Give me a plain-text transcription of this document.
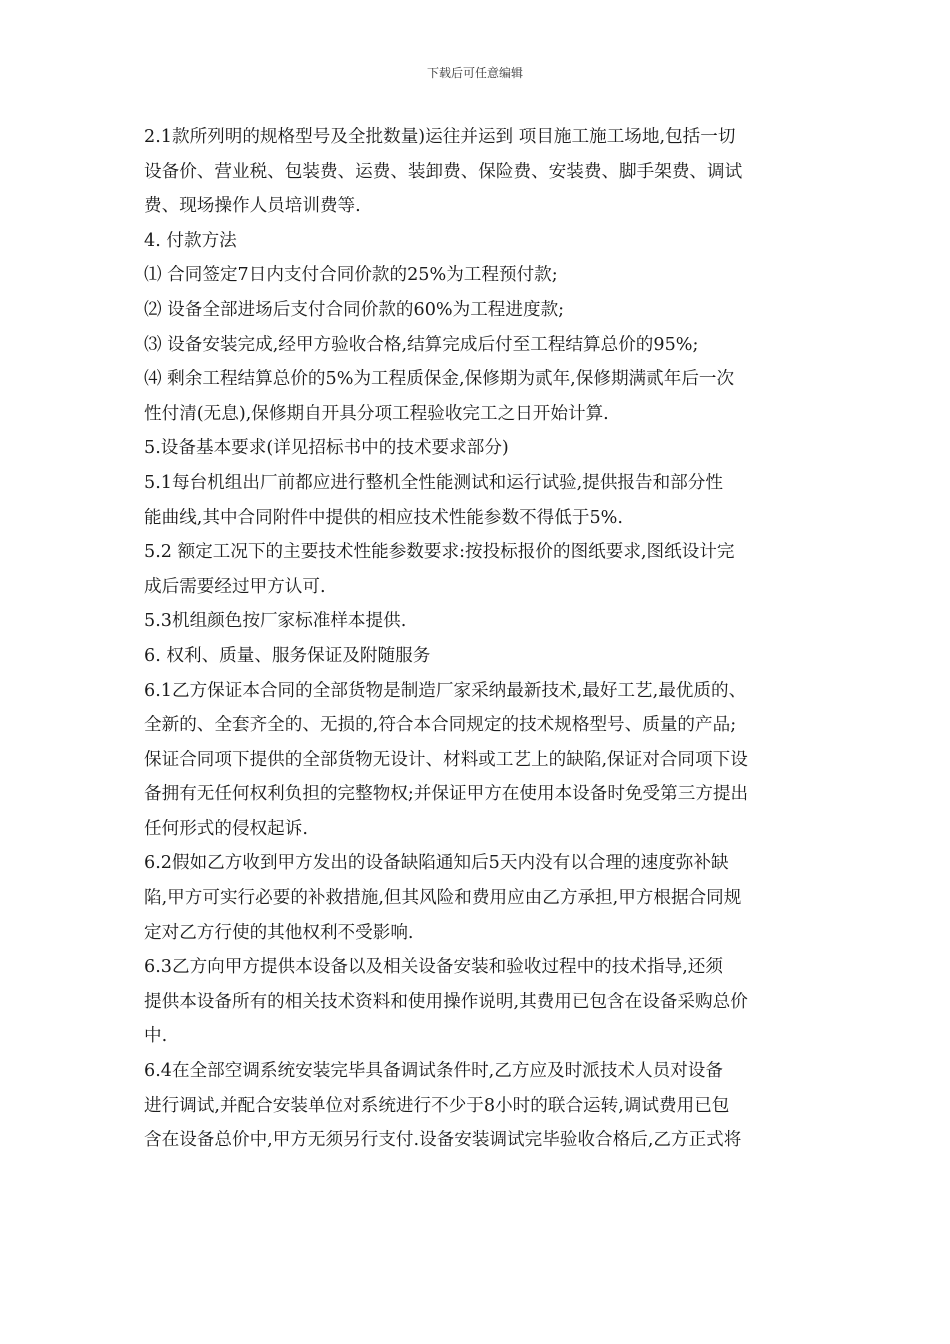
下载后可任意编辑
2.1款所列明的规格型号及全批数量)运往并运到 项目施工施工场地,包括一切
设备价、营业税、包装费、运费、装卸费、保险费、安装费、脚手架费、调试
费、现场操作人员培训费等.
4. 付款方法
⑴ 合同签定7日内支付合同价款的25%为工程预付款;
⑵ 设备全部进场后支付合同价款的60%为工程进度款;
⑶ 设备安装完成,经甲方验收合格,结算完成后付至工程结算总价的95%;
⑷ 剩余工程结算总价的5%为工程质保金,保修期为贰年,保修期满贰年后一次
性付清(无息),保修期自开具分项工程验收完工之日开始计算.
5.设备基本要求(详见招标书中的技术要求部分)
5.1每台机组出厂前都应进行整机全性能测试和运行试验,提供报告和部分性
能曲线,其中合同附件中提供的相应技术性能参数不得低于5%.
5.2 额定工况下的主要技术性能参数要求:按投标报价的图纸要求,图纸设计完
成后需要经过甲方认可.
5.3机组颜色按厂家标准样本提供.
6. 权利、质量、服务保证及附随服务
6.1乙方保证本合同的全部货物是制造厂家采纳最新技术,最好工艺,最优质的、
全新的、全套齐全的、无损的,符合本合同规定的技术规格型号、质量的产品;
保证合同项下提供的全部货物无设计、材料或工艺上的缺陷,保证对合同项下设
备拥有无任何权利负担的完整物权;并保证甲方在使用本设备时免受第三方提出
任何形式的侵权起诉.
6.2假如乙方收到甲方发出的设备缺陷通知后5天内没有以合理的速度弥补缺
陷,甲方可实行必要的补救措施,但其风险和费用应由乙方承担,甲方根据合同规
定对乙方行使的其他权利不受影响.
6.3乙方向甲方提供本设备以及相关设备安装和验收过程中的技术指导,还须
提供本设备所有的相关技术资料和使用操作说明,其费用已包含在设备采购总价
中.
6.4在全部空调系统安装完毕具备调试条件时,乙方应及时派技术人员对设备
进行调试,并配合安装单位对系统进行不少于8小时的联合运转,调试费用已包
含在设备总价中,甲方无须另行支付.设备安装调试完毕验收合格后,乙方正式将
